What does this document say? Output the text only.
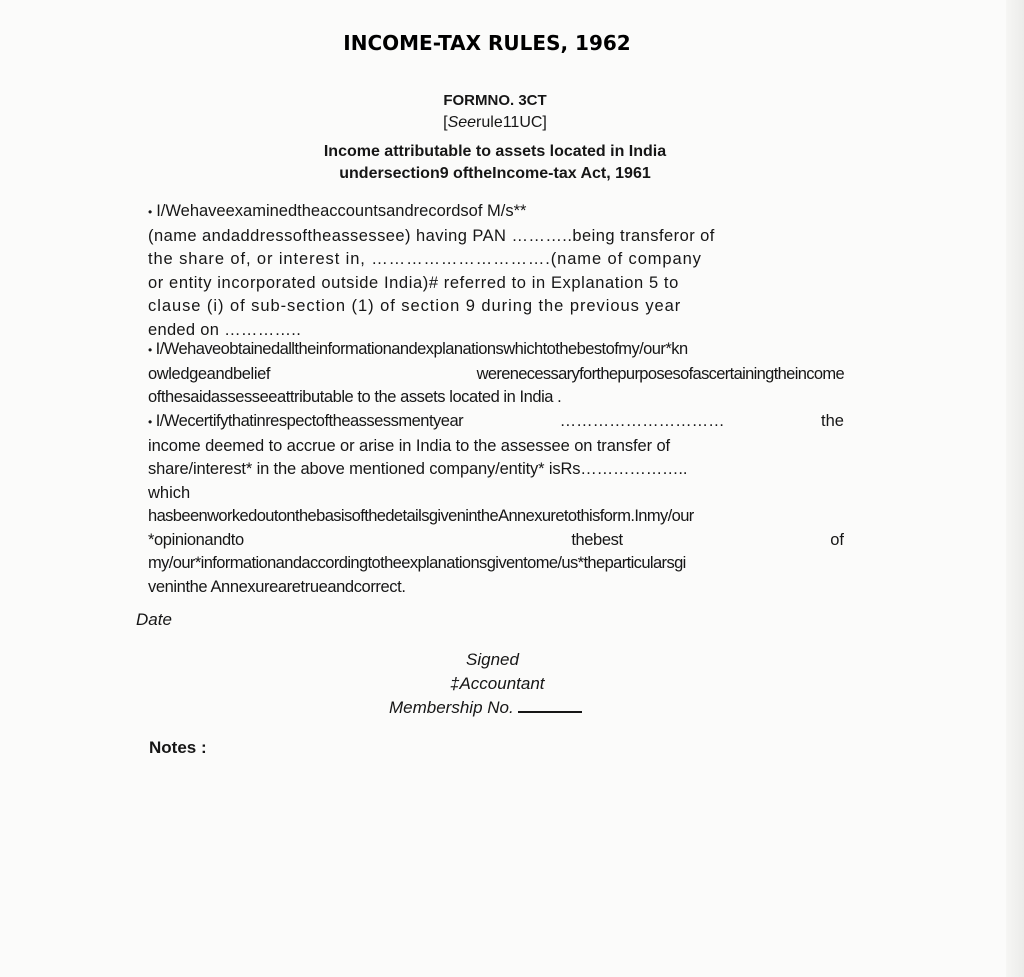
INCOME-TAX RULES, 1962
FORMNO. 3CT
[Seerule11UC]
Income attributable to assets located in India
undersection9 oftheIncome-tax Act, 1961
• I/Wehaveexaminedtheaccountsandrecordsof M/s**
(name andaddressoftheassessee) having PAN ………..being transferor of
the share of, or interest in, ………………………….(name of company
or entity incorporated outside India)# referred to in Explanation 5 to
clause (i) of sub-section (1) of section 9 during the previous year
ended on …………..
• I/Wehaveobtainedalltheinformationandexplanationswhichtothebestofmy/our*kn
owledgeandbelief	werenecessaryforthepurposesofascertainingtheincome
ofthesaidassesseeattributable to the assets located in India .
• I/Wecertifythatinrespectoftheassessmentyear	…………………………	the
income deemed to accrue or arise in India to the assessee on transfer of
share/interest* in the above mentioned company/entity* isRs………………..
which
hasbeenworkedoutonthebasisofthedetailsgivenintheAnnexuretothisform.Inmy/our
*opinionandto	thebest	of
my/our*informationandaccordingtotheexplanationsgiventome/us*theparticularsgi
veninthe Annexurearetrueandcorrect.
Date
Signed
‡Accountant
Membership No.
Notes :
